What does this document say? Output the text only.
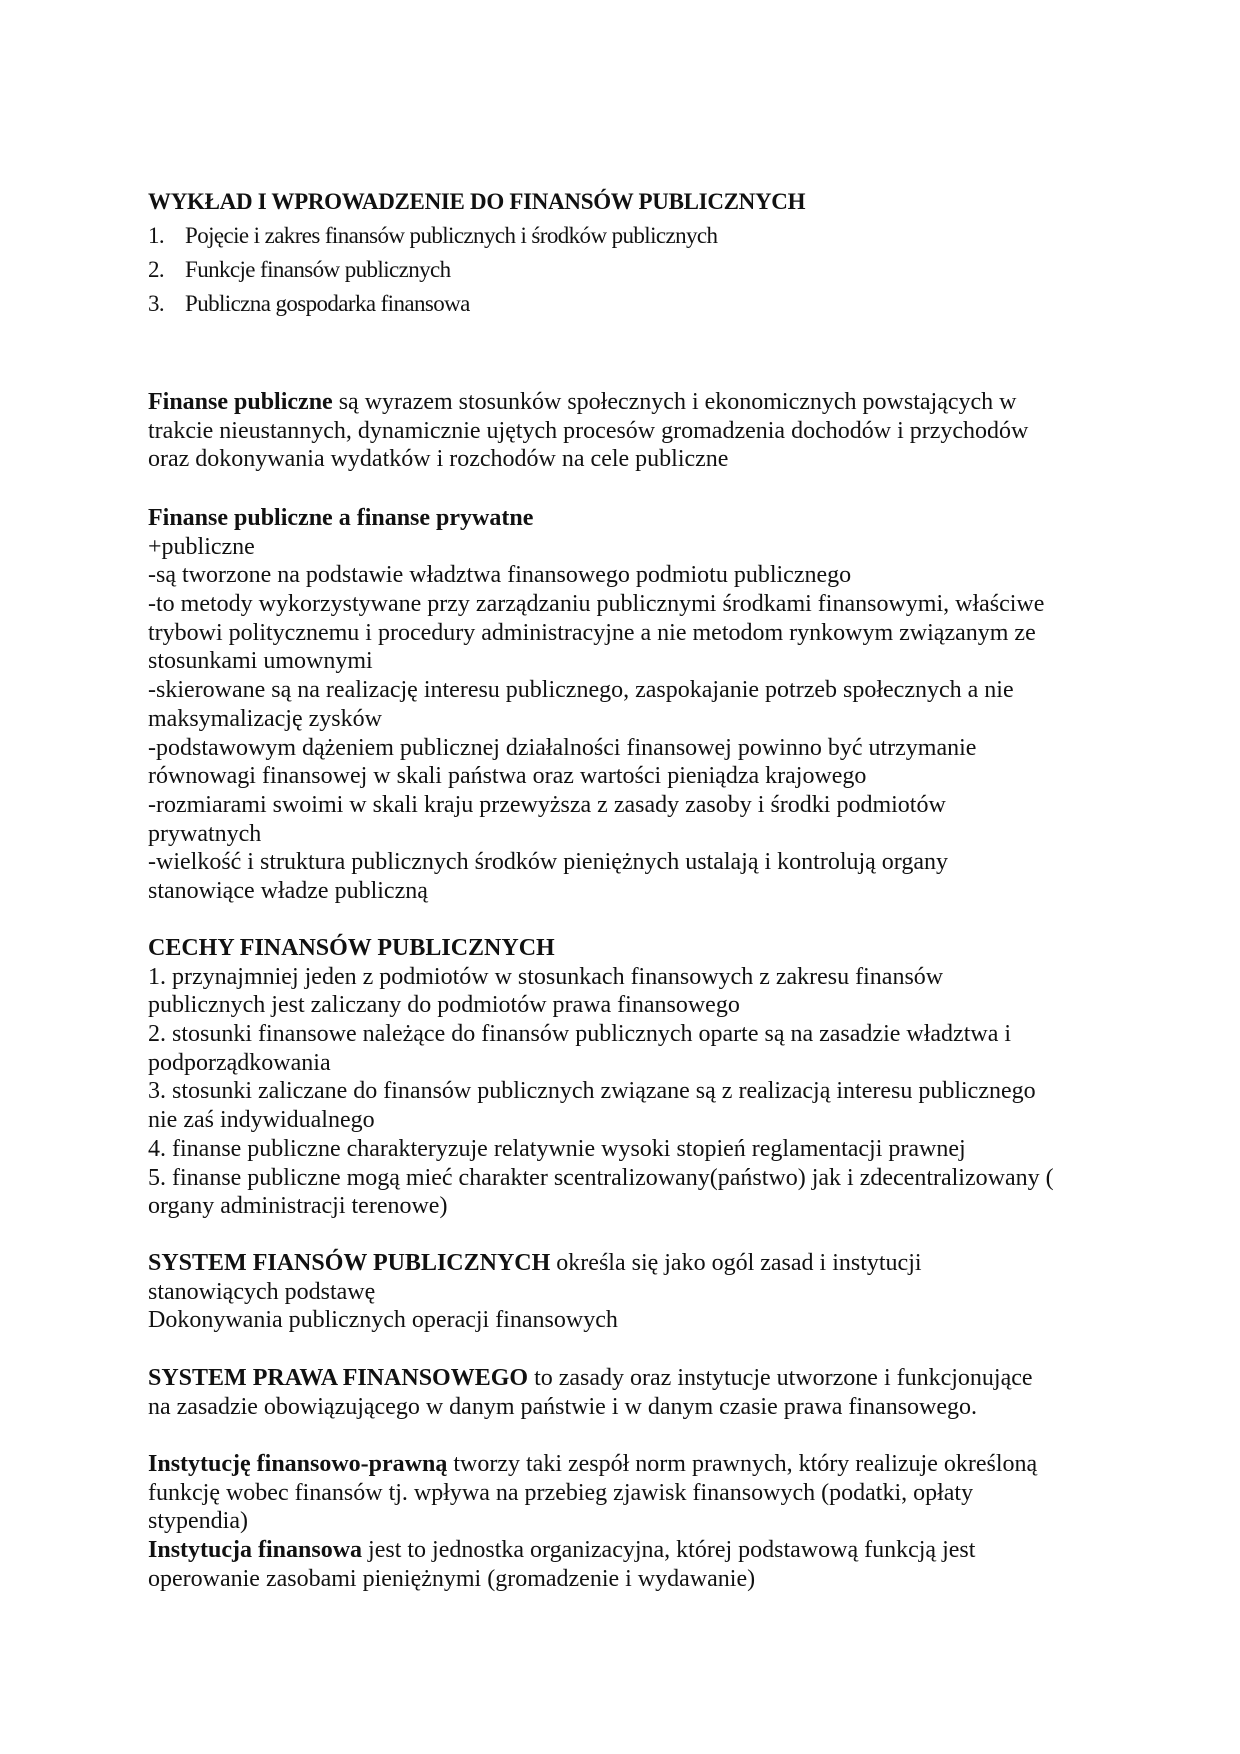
WYKŁAD I WPROWADZENIE DO FINANSÓW PUBLICZNYCH
1. Pojęcie i zakres finansów publicznych i środków publicznych
2. Funkcje finansów publicznych
3. Publiczna gospodarka finansowa
Finanse publiczne są wyrazem stosunków społecznych i ekonomicznych powstających w
trakcie nieustannych, dynamicznie ujętych procesów gromadzenia dochodów i przychodów
oraz dokonywania wydatków i rozchodów na cele publiczne
Finanse publiczne a finanse prywatne
+publiczne
-są tworzone na podstawie władztwa finansowego podmiotu publicznego
-to metody wykorzystywane przy zarządzaniu publicznymi środkami finansowymi, właściwe
trybowi politycznemu i procedury administracyjne a nie metodom rynkowym związanym ze
stosunkami umownymi
-skierowane są na realizację interesu publicznego, zaspokajanie potrzeb społecznych a nie
maksymalizację zysków
-podstawowym dążeniem publicznej działalności finansowej powinno być utrzymanie
równowagi finansowej w skali państwa oraz wartości pieniądza krajowego
-rozmiarami swoimi w skali kraju przewyższa z zasady zasoby i środki podmiotów
prywatnych
-wielkość i struktura publicznych środków pieniężnych ustalają i kontrolują organy
stanowiące władze publiczną
CECHY FINANSÓW PUBLICZNYCH
1. przynajmniej jeden z podmiotów w stosunkach finansowych z zakresu finansów
publicznych jest zaliczany do podmiotów prawa finansowego
2. stosunki finansowe należące do finansów publicznych oparte są na zasadzie władztwa i
podporządkowania
3. stosunki zaliczane do finansów publicznych związane są z realizacją interesu publicznego
nie zaś indywidualnego
4. finanse publiczne charakteryzuje relatywnie wysoki stopień reglamentacji prawnej
5. finanse publiczne mogą mieć charakter scentralizowany(państwo) jak i zdecentralizowany (
organy administracji terenowe)
SYSTEM FIANSÓW PUBLICZNYCH określa się jako ogól zasad i instytucji
stanowiących podstawę
Dokonywania publicznych operacji finansowych
SYSTEM PRAWA FINANSOWEGO to zasady oraz instytucje utworzone i funkcjonujące
na zasadzie obowiązującego w danym państwie i w danym czasie prawa finansowego.
Instytucję finansowo-prawną tworzy taki zespół norm prawnych, który realizuje określoną
funkcję wobec finansów tj. wpływa na przebieg zjawisk finansowych (podatki, opłaty
stypendia)
Instytucja finansowa jest to jednostka organizacyjna, której podstawową funkcją jest
operowanie zasobami pieniężnymi (gromadzenie i wydawanie)
